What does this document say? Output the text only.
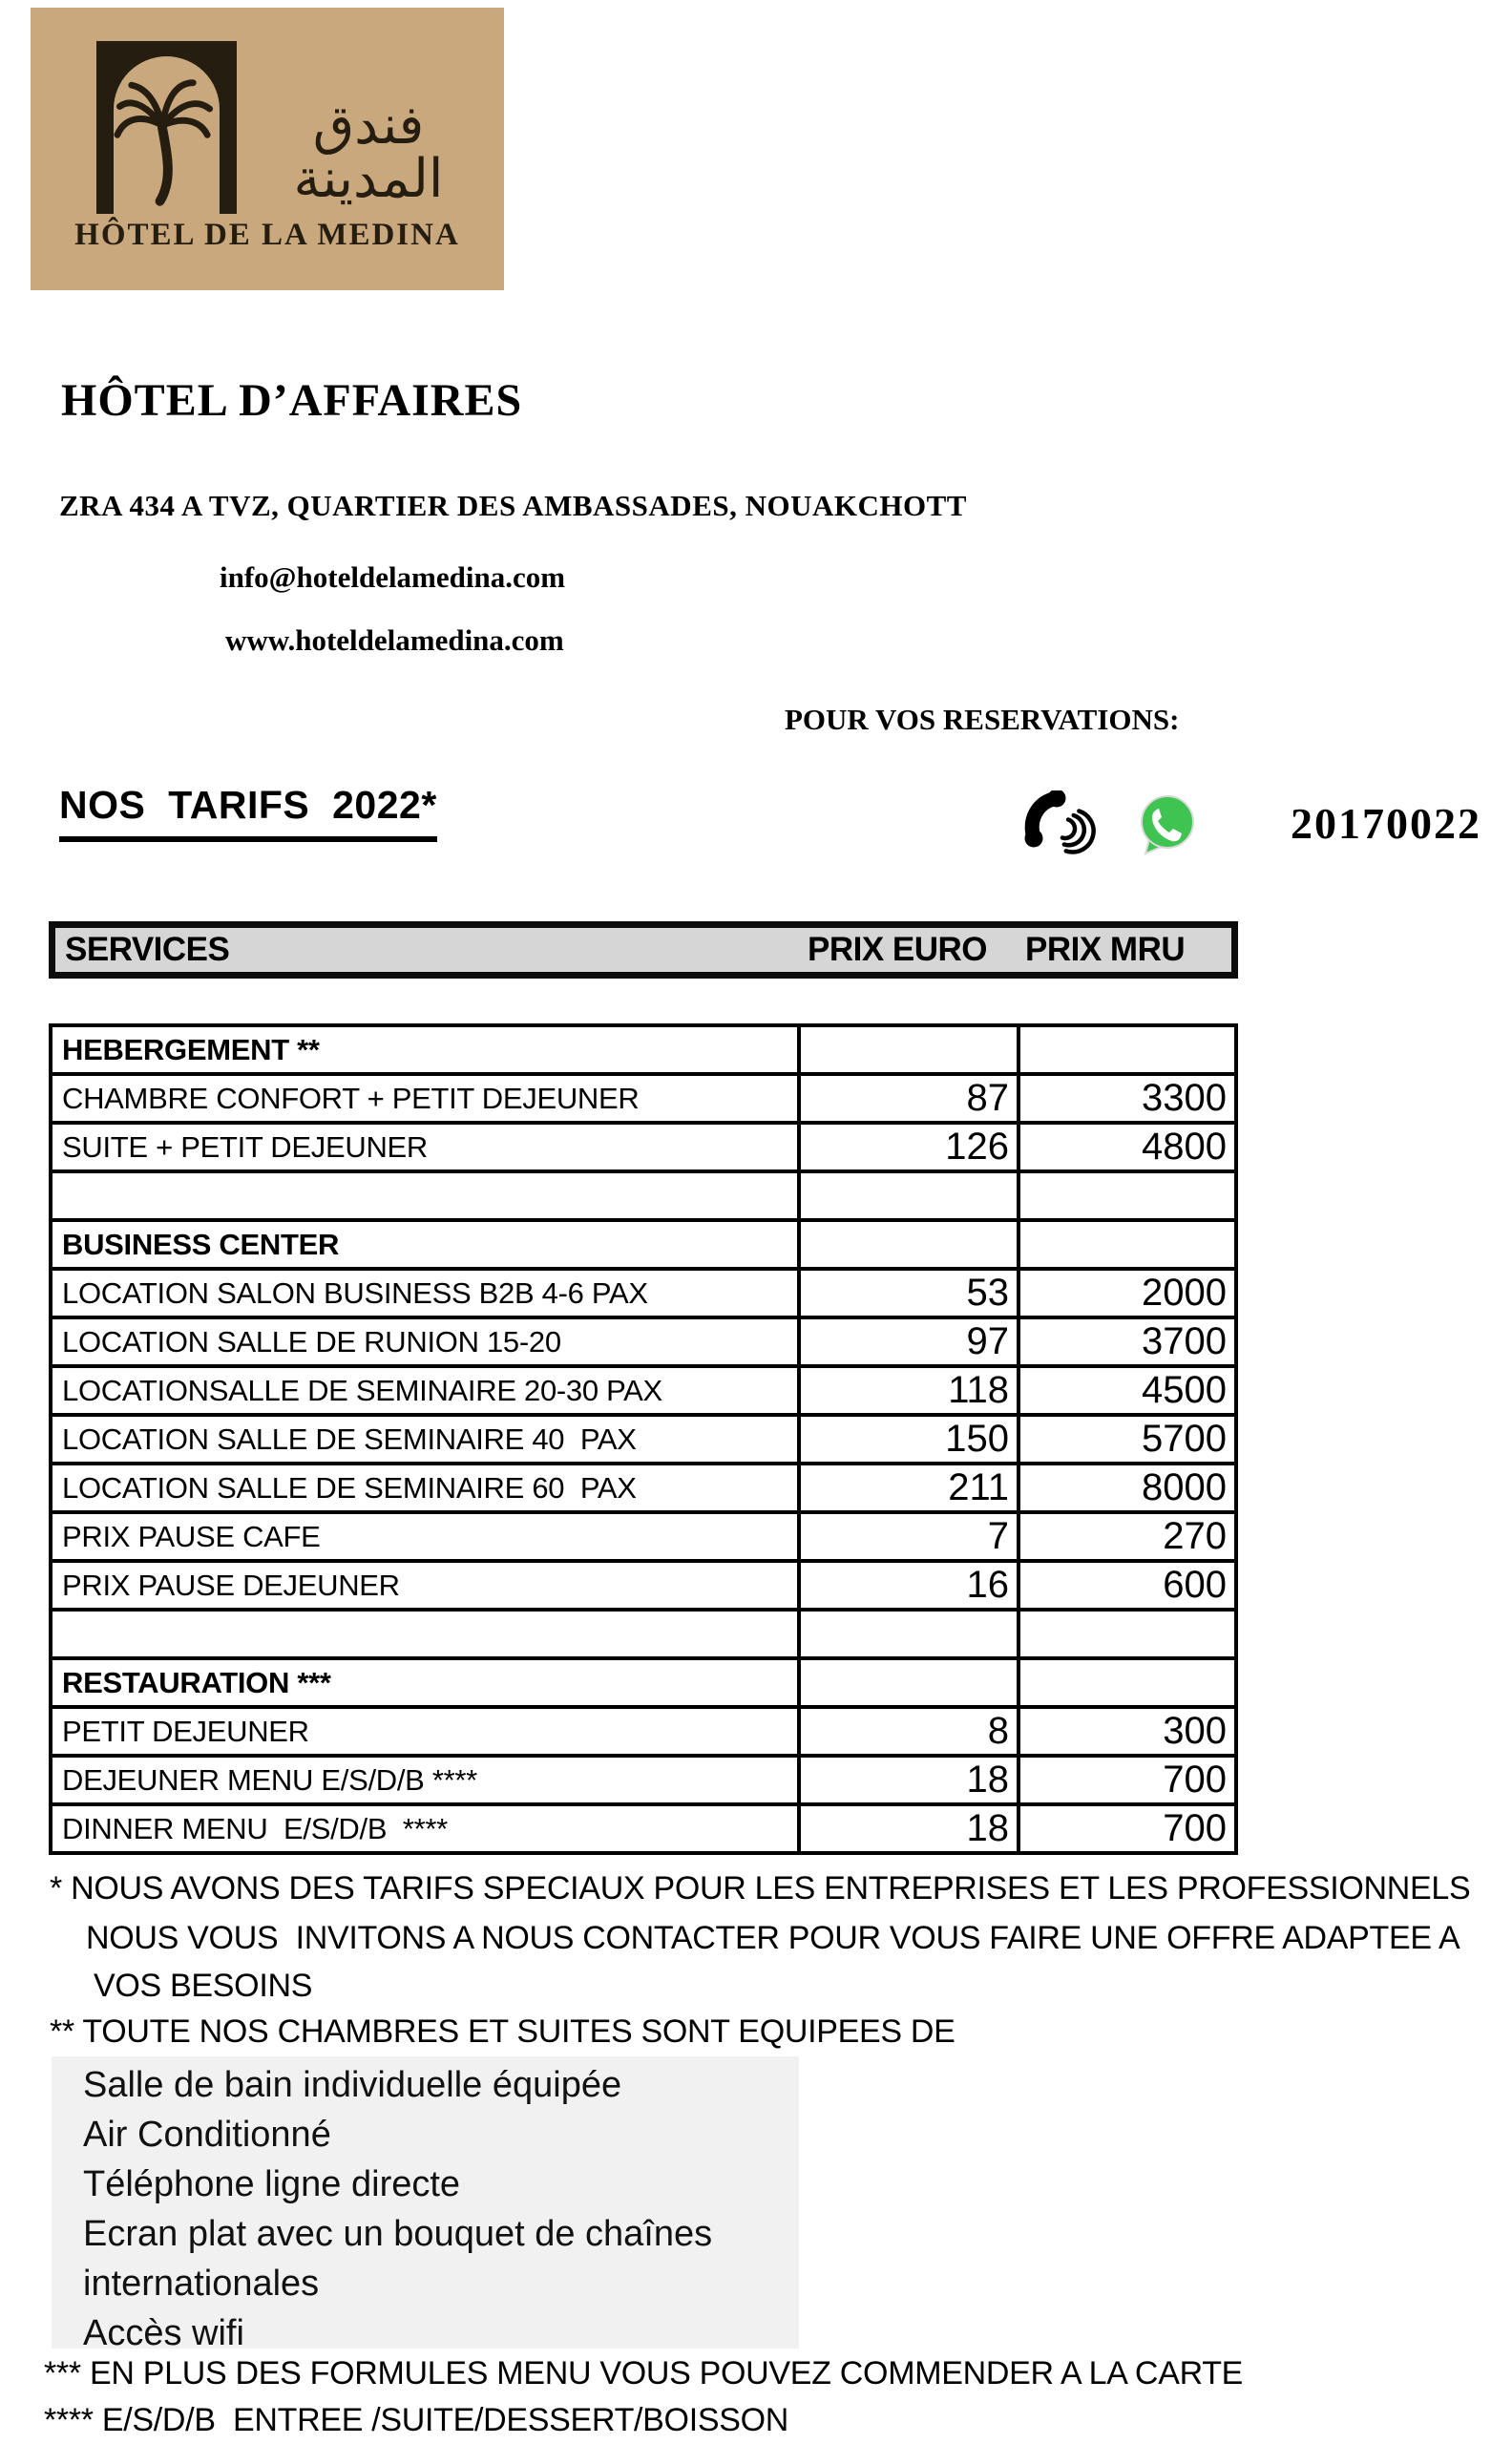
فندق المدينة
HÔTEL DE LA MEDINA
HÔTEL D’AFFAIRES
ZRA 434 A TVZ, QUARTIER DES AMBASSADES, NOUAKCHOTT
info@hoteldelamedina.com
www.hoteldelamedina.com
POUR VOS RESERVATIONS:
NOS TARIFS 2022*	20170022
SERVICES	PRIX EURO	PRIX MRU
HEBERGEMENT **		
CHAMBRE CONFORT + PETIT DEJEUNER	87	3300
SUITE + PETIT DEJEUNER	126	4800

BUSINESS CENTER		
LOCATION SALON BUSINESS B2B 4-6 PAX	53	2000
LOCATION SALLE DE RUNION 15-20	97	3700
LOCATIONSALLE DE SEMINAIRE 20-30 PAX	118	4500
LOCATION SALLE DE SEMINAIRE 40  PAX	150	5700
LOCATION SALLE DE SEMINAIRE 60  PAX	211	8000
PRIX PAUSE CAFE	7	270
PRIX PAUSE DEJEUNER	16	600

RESTAURATION ***		
PETIT DEJEUNER	8	300
DEJEUNER MENU E/S/D/B ****	18	700
DINNER MENU  E/S/D/B  ****	18	700
* NOUS AVONS DES TARIFS SPECIAUX POUR LES ENTREPRISES ET LES PROFESSIONNELS
NOUS VOUS  INVITONS A NOUS CONTACTER POUR VOUS FAIRE UNE OFFRE ADAPTEE A
VOS BESOINS
** TOUTE NOS CHAMBRES ET SUITES SONT EQUIPEES DE
Salle de bain individuelle équipée
Air Conditionné
Téléphone ligne directe
Ecran plat avec un bouquet de chaînes
internationales
Accès wifi
*** EN PLUS DES FORMULES MENU VOUS POUVEZ COMMENDER A LA CARTE
**** E/S/D/B  ENTREE /SUITE/DESSERT/BOISSON
